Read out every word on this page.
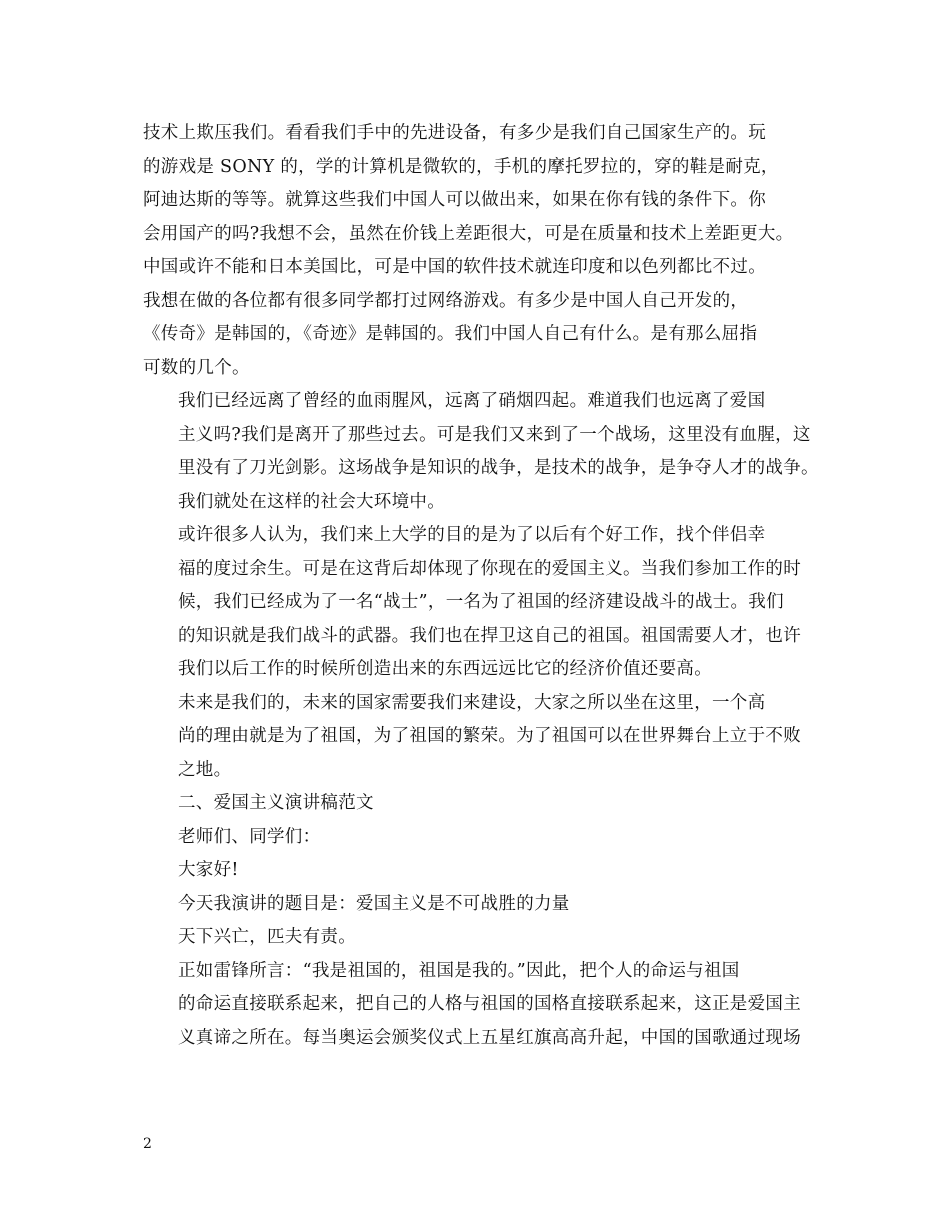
技术上欺压我们。看看我们手中的先进设备，有多少是我们自己国家生产的。玩
的游戏是 SONY 的，学的计算机是微软的，手机的摩托罗拉的，穿的鞋是耐克，
阿迪达斯的等等。就算这些我们中国人可以做出来，如果在你有钱的条件下。你
会用国产的吗?我想不会，虽然在价钱上差距很大，可是在质量和技术上差距更大。
中国或许不能和日本美国比，可是中国的软件技术就连印度和以色列都比不过。
我想在做的各位都有很多同学都打过网络游戏。有多少是中国人自己开发的，
《传奇》是韩国的，《奇迹》是韩国的。我们中国人自己有什么。是有那么屈指
可数的几个。

我们已经远离了曾经的血雨腥风，远离了硝烟四起。难道我们也远离了爱国
主义吗?我们是离开了那些过去。可是我们又来到了一个战场，这里没有血腥，这
里没有了刀光剑影。这场战争是知识的战争，是技术的战争，是争夺人才的战争。
我们就处在这样的社会大环境中。

或许很多人认为，我们来上大学的目的是为了以后有个好工作，找个伴侣幸
福的度过余生。可是在这背后却体现了你现在的爱国主义。当我们参加工作的时
候，我们已经成为了一名“战士”，一名为了祖国的经济建设战斗的战士。我们
的知识就是我们战斗的武器。我们也在捍卫这自己的祖国。祖国需要人才，也许
我们以后工作的时候所创造出来的东西远远比它的经济价值还要高。

未来是我们的，未来的国家需要我们来建设，大家之所以坐在这里，一个高
尚的理由就是为了祖国，为了祖国的繁荣。为了祖国可以在世界舞台上立于不败
之地。

二、爱国主义演讲稿范文

老师们、同学们：

大家好!

今天我演讲的题目是：爱国主义是不可战胜的力量

天下兴亡，匹夫有责。

正如雷锋所言：“我是祖国的，祖国是我的。”因此，把个人的命运与祖国
的命运直接联系起来，把自己的人格与祖国的国格直接联系起来，这正是爱国主
义真谛之所在。每当奥运会颁奖仪式上五星红旗高高升起，中国的国歌通过现场

2
